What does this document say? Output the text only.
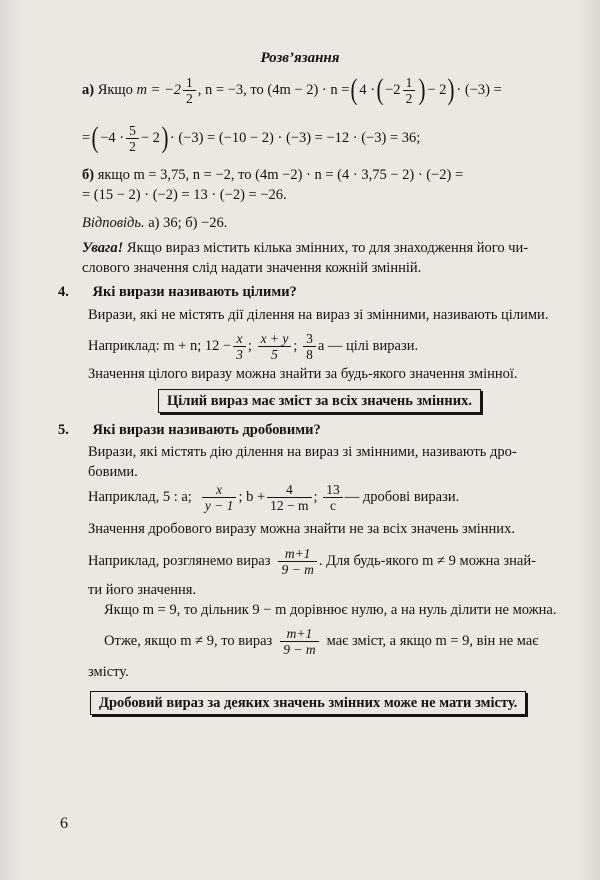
Розв’язання
а)
Якщо
$m = -2 \frac{1}{2}$ , n = −3, то (4m − 2) · n = ( 4 · ( $-2 \frac{1}{2}$ ) − 2 ) · (−3) =
= ( $-4 \cdot \frac{5}{2} - 2$ ) · (−3) = (−10 − 2) · (−3) = −12 · (−3) = 36;
б) якщо m = 3,75, n = −2, то (4m −2) · n = (4 · 3,75 − 2) · (−2) =
= (15 − 2) · (−2) = 13 · (−2) = −26.
Відповідь. а) 36; б) −26.
Увага! Якщо вираз містить кілька змінних, то для знаходження його чи-
слового значення слід надати значення кожній змінній.
4. Які вирази називають цілими?
Вирази, які не містять дії ділення на вираз зі змінними, називають цілими.
Наприклад: m + n; $12 - \frac{x}{3}$ ; $\frac{x + y}{5}$ ; $\frac{3}{8}$ a — цілі вирази.
Значення цілого виразу можна знайти за будь-якого значення змінної.
Цілий вираз має зміст за всіх значень змінних.
5. Які вирази називають дробовими?
Вирази, які містять дію ділення на вираз зі змінними, називають дро-
бовими.
Наприклад, 5 : a; $\frac{x}{y - 1}$ ; $b + \frac{4}{12 - m}$ ; $\frac{13}{c}$ — дробові вирази.
Значення дробового виразу можна знайти не за всіх значень змінних.
Наприклад, розглянемо вираз $\frac{m+1}{9 - m}$ . Для будь-якого m ≠ 9 можна знай-
ти його значення.
Якщо m = 9, то дільник 9 − m дорівнює нулю, а на нуль ділити не можна.
Отже, якщо m ≠ 9, то вираз $\frac{m+1}{9 - m}$ має зміст, а якщо m = 9, він не має
змісту.
Дробовий вираз за деяких значень змінних може не мати змісту.
6
